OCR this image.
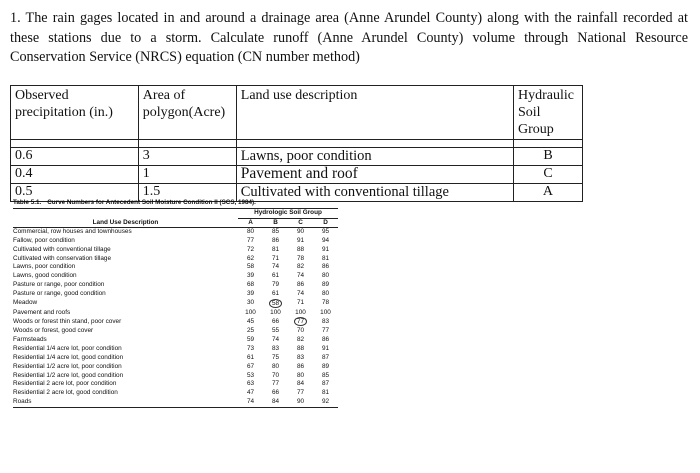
1. The rain gages located in and around a drainage area (Anne Arundel County) along with the rainfall recorded at these stations due to a storm. Calculate runoff (Anne Arundel County) volume through National Resource Conservation Service (NRCS) equation (CN number method)
Observed precipitation (in.)	Area of polygon(Acre)	Land use description	Hydraulic Soil Group

0.6	3	Lawns, poor condition	B
0.4	1	Pavement and roof	C
0.5	1.5	Cultivated with conventional tillage	A
Table 5.1. Curve Numbers for Antecedent Soil Moisture Condition II (SCS, 1984).
Land Use Description	Hydrologic Soil Group			
	A	B	C	D
Commercial, row houses and townhouses	80	85	90	95
Fallow, poor condition	77	86	91	94
Cultivated with conventional tillage	72	81	88	91
Cultivated with conservation tillage	62	71	78	81
Lawns, poor condition	58	74	82	86
Lawns, good condition	39	61	74	80
Pasture or range, poor condition	68	79	86	89
Pasture or range, good condition	39	61	74	80
Meadow	30	58	71	78
Pavement and roofs	100	100	100	100
Woods or forest thin stand, poor cover	45	66	77	83
Woods or forest, good cover	25	55	70	77
Farmsteads	59	74	82	86
Residential 1/4 acre lot, poor condition	73	83	88	91
Residential 1/4 acre lot, good condition	61	75	83	87
Residential 1/2 acre lot, poor condition	67	80	86	89
Residential 1/2 acre lot, good condition	53	70	80	85
Residential 2 acre lot, poor condition	63	77	84	87
Residential 2 acre lot, good condition	47	66	77	81
Roads	74	84	90	92
